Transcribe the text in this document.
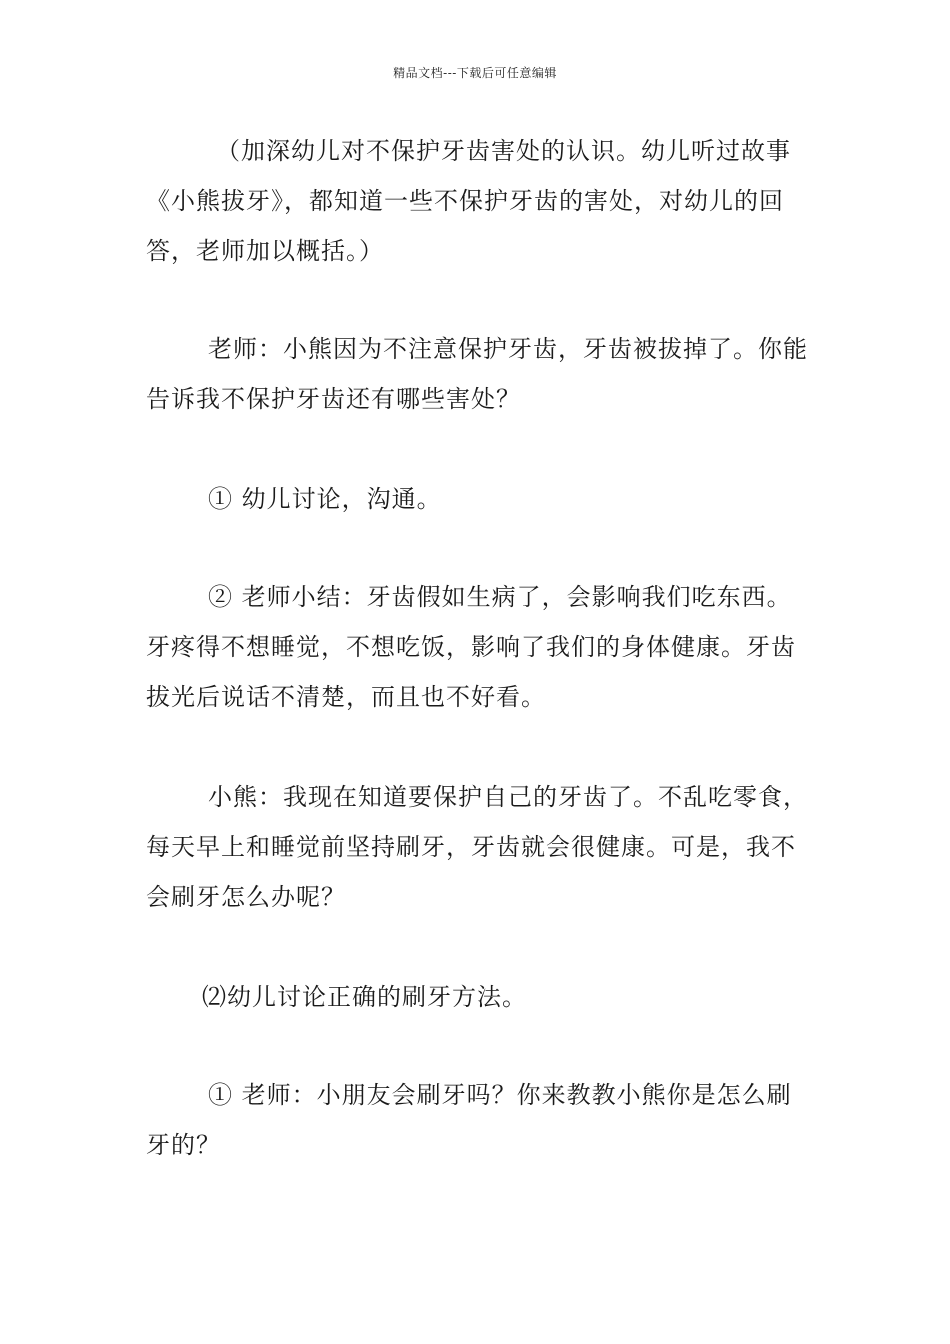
精品文档---下载后可任意编辑

（加深幼儿对不保护牙齿害处的认识。幼儿听过故事《小熊拔牙》，都知道一些不保护牙齿的害处，对幼儿的回答，老师加以概括。）

老师：小熊因为不注意保护牙齿，牙齿被拔掉了。你能告诉我不保护牙齿还有哪些害处？

① 幼儿讨论，沟通。

② 老师小结：牙齿假如生病了，会影响我们吃东西。牙疼得不想睡觉，不想吃饭，影响了我们的身体健康。牙齿拔光后说话不清楚，而且也不好看。

小熊：我现在知道要保护自己的牙齿了。不乱吃零食，每天早上和睡觉前坚持刷牙，牙齿就会很健康。可是，我不会刷牙怎么办呢？

⑵幼儿讨论正确的刷牙方法。

① 老师：小朋友会刷牙吗？你来教教小熊你是怎么刷牙的？
